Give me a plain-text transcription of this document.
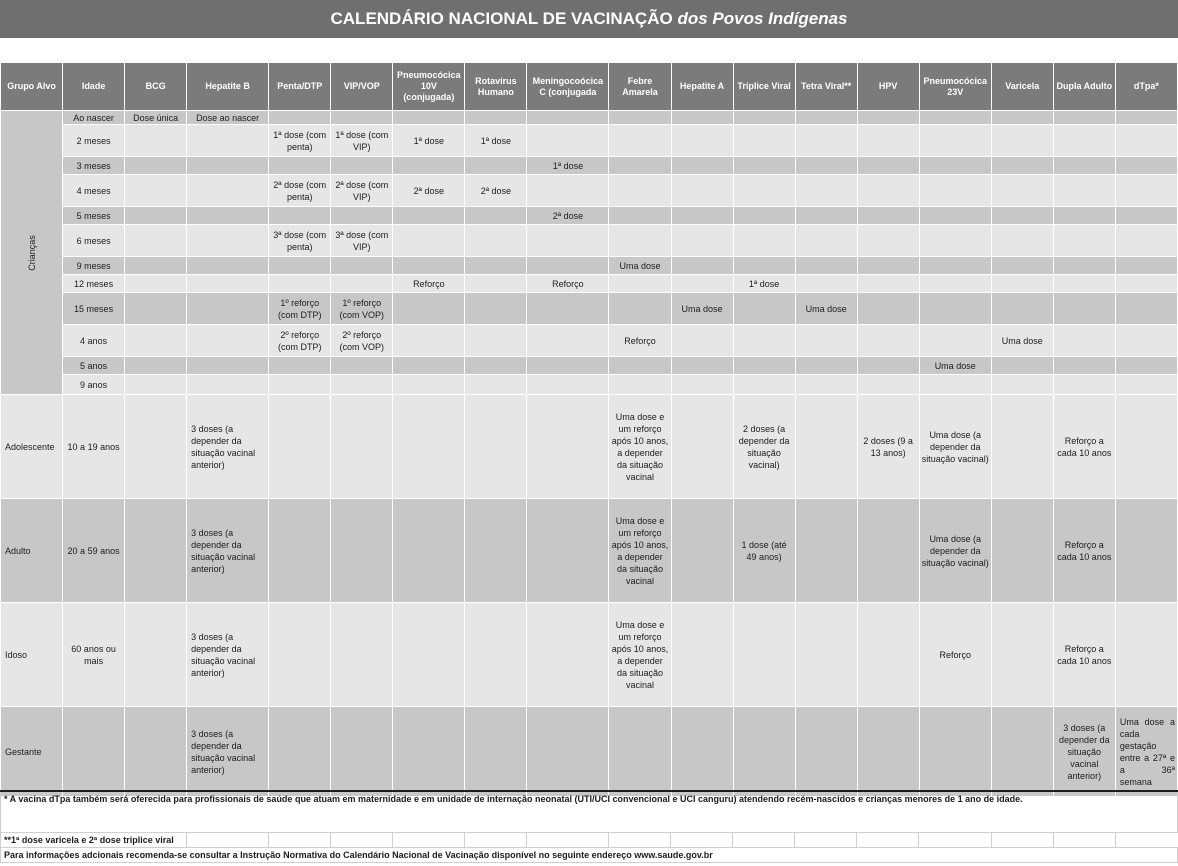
CALENDÁRIO NACIONAL DE VACINAÇÃO dos Povos Indígenas
Grupo Alvo	Idade	BCG	Hepatite B	Penta/DTP	VIP/VOP	Pneumocócica 10V (conjugada)	Rotavírus Humano	Meningocoócica C (conjugada	Febre Amarela	Hepatite A	Tríplice Viral	Tetra Viral**	HPV	Pneumocócica 23V	Varicela	Dupla Adulto	dTpa*
Crianças	Ao nascer	Dose única	Dose ao nascer														
	2 meses			1ª dose (com penta)	1ª dose (com VIP)	1ª dose	1ª dose										
	3 meses							1ª dose									
	4 meses			2ª dose (com penta)	2ª dose (com VIP)	2ª dose	2ª dose										
	5 meses							2ª dose									
	6 meses			3ª dose (com penta)	3ª dose (com VIP)												
	9 meses								Uma dose								
	12 meses					Reforço		Reforço			1ª dose						
	15 meses			1º reforço (com DTP)	1º reforço (com VOP)					Uma dose		Uma dose					
	4 anos			2º reforço (com DTP)	2º reforço (com VOP)				Reforço						Uma dose		
	5 anos													Uma dose			
	9 anos																
Adolescente	10 a 19 anos		3 doses (a depender da situação vacinal anterior)						Uma dose e um reforço após 10 anos, a depender da situação vacinal		2 doses (a depender da situação vacinal)		2 doses (9 a 13 anos)	Uma dose (a depender da situação vacinal)		Reforço a cada 10 anos	
Adulto	20 a 59 anos		3 doses (a depender da situação vacinal anterior)						Uma dose e um reforço após 10 anos, a depender da situação vacinal		1 dose (até 49 anos)			Uma dose (a depender da situação vacinal)		Reforço a cada 10 anos	
Idoso	60 anos ou mais		3 doses (a depender da situação vacinal anterior)						Uma dose e um reforço após 10 anos, a depender da situação vacinal					Reforço		Reforço a cada 10 anos	
Gestante			3 doses (a depender da situação vacinal anterior)													3 doses (a depender da situação vacinal anterior)	Uma dose a cada gestação entre a 27ª e a 36ª semana
* A vacina dTpa também será oferecida para profissionais de saúde que atuam em maternidade e em unidade de internação neonatal (UTI/UCI convencional e UCI canguru) atendendo recém-nascidos e crianças menores de 1 ano de idade.
**1ª dose varicela e 2ª dose tríplice viral														
Para informações adcionais recomenda-se consultar a Instrução Normativa do Calendário Nacional de Vacinação disponível no seguinte endereço www.saude.gov.br
